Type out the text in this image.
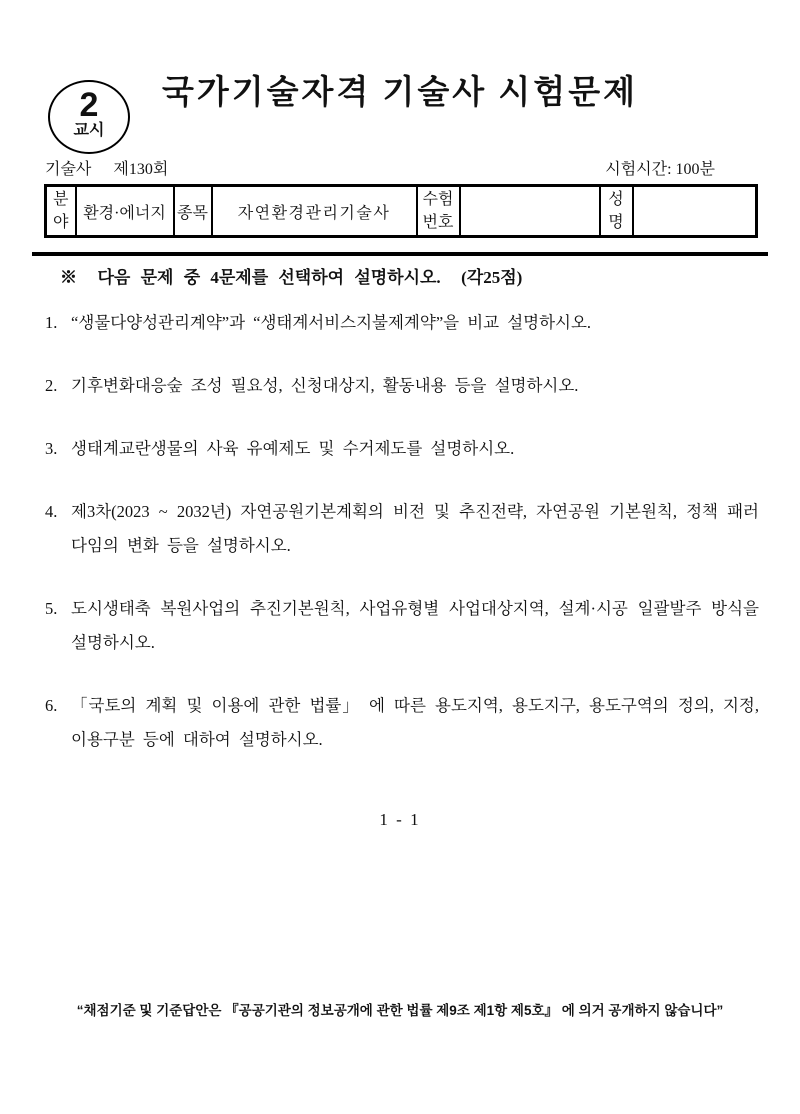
2
교시
국가기술자격 기술사 시험문제
기술사 제130회	시험시간: 100분
분야	환경·에너지	종목	자연환경관리기술사	수험번호		성명	
※  다음 문제 중 4문제를 선택하여 설명하시오.  (각25점)
1. “생물다양성관리계약”과 “생태계서비스지불제계약”을 비교 설명하시오.
2. 기후변화대응숲 조성 필요성, 신청대상지, 활동내용 등을 설명하시오.
3. 생태계교란생물의 사육 유예제도 및 수거제도를 설명하시오.
4. 제3차(2023 ~ 2032년) 자연공원기본계획의 비전 및 추진전략, 자연공원 기본원칙, 정책 패러다임의 변화 등을 설명하시오.
5. 도시생태축 복원사업의 추진기본원칙, 사업유형별 사업대상지역, 설계·시공 일괄발주 방식을 설명하시오.
6. 「국토의 계획 및 이용에 관한 법률」 에 따른 용도지역, 용도지구, 용도구역의 정의, 지정, 이용구분 등에 대하여 설명하시오.
1 - 1
“채점기준 및 기준답안은 『공공기관의 정보공개에 관한 법률 제9조 제1항 제5호』 에 의거 공개하지 않습니다”
